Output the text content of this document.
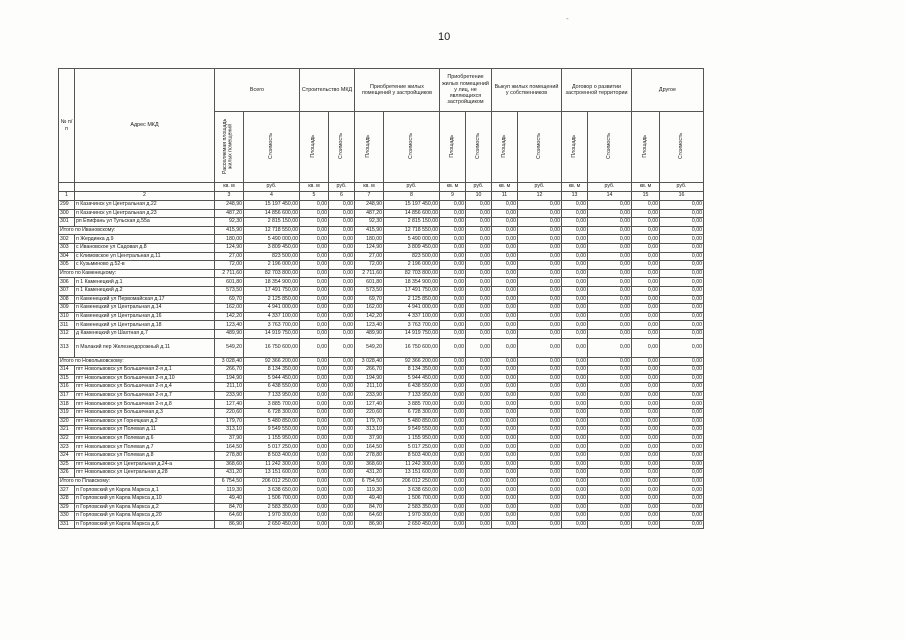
10
-
№ п/п	Адрес МКД	Всего		Строительство МКД		Приобретение жилых помещений у застройщиков		Приобретение жилых помещений у лиц, не являющихся застройщиком		Выкуп жилых помещений у собственников		Договор о развитии застроенной территории		Другое	
		Расселяемая площадь жилых помещений	Стоимость	Площадь	Стоимость	Площадь	Стоимость	Площадь	Стоимость	Площадь	Стоимость	Площадь	Стоимость	Площадь	Стоимость
		кв. м	руб.	кв. м	руб.	кв. м	руб.	кв. м	руб.	кв. м	руб.	кв. м	руб.	кв. м	руб.
1	2	3	4	5	6	7	8	9	10	11	12	13	14	15	16
299	п Казачинск ул Центральная д.22	248,90	15 197 450,00	0,00	0,00	248,90	15 197 450,00	0,00	0,00	0,00	0,00	0,00	0,00	0,00	0,00
300	п Казачинск ул Центральная д.23	487,20	14 856 600,00	0,00	0,00	487,20	14 856 600,00	0,00	0,00	0,00	0,00	0,00	0,00	0,00	0,00
301	рп Епифань ул Тульская д.55а	92,30	2 815 150,00	0,00	0,00	92,30	2 815 150,00	0,00	0,00	0,00	0,00	0,00	0,00	0,00	0,00
Итого по Ивановскому:		415,90	12 718 550,00	0,00	0,00	415,90	12 718 550,00	0,00	0,00	0,00	0,00	0,00	0,00	0,00	0,00
302	п Жердинка д.9	180,00	5 490 000,00	0,00	0,00	180,00	5 490 000,00	0,00	0,00	0,00	0,00	0,00	0,00	0,00	0,00
303	с Ивановское ул Садовая д.8	124,90	3 809 450,00	0,00	0,00	124,90	3 809 450,00	0,00	0,00	0,00	0,00	0,00	0,00	0,00	0,00
304	с Климовское ул Центральная д.11	27,00	823 500,00	0,00	0,00	27,00	823 500,00	0,00	0,00	0,00	0,00	0,00	0,00	0,00	0,00
305	с Кузьминово д.52-в	72,00	2 196 000,00	0,00	0,00	72,00	2 196 000,00	0,00	0,00	0,00	0,00	0,00	0,00	0,00	0,00
Итого по Каменецкому:		2 711,60	82 703 800,00	0,00	0,00	2 711,60	82 703 800,00	0,00	0,00	0,00	0,00	0,00	0,00	0,00	0,00
306	п 1 Каменецкий д.1	601,80	18 354 900,00	0,00	0,00	601,80	18 354 900,00	0,00	0,00	0,00	0,00	0,00	0,00	0,00	0,00
307	п 1 Каменецкий д.2	573,50	17 491 750,00	0,00	0,00	573,50	17 491 750,00	0,00	0,00	0,00	0,00	0,00	0,00	0,00	0,00
308	п Каменецкий ул Первомайская д.17	69,70	2 125 850,00	0,00	0,00	69,70	2 125 850,00	0,00	0,00	0,00	0,00	0,00	0,00	0,00	0,00
309	п Каменецкий ул Центральная д.14	162,00	4 941 000,00	0,00	0,00	162,00	4 941 000,00	0,00	0,00	0,00	0,00	0,00	0,00	0,00	0,00
310	п Каменецкий ул Центральная д.16	142,20	4 337 100,00	0,00	0,00	142,20	4 337 100,00	0,00	0,00	0,00	0,00	0,00	0,00	0,00	0,00
311	п Каменецкий ул Центральная д.18	123,40	3 763 700,00	0,00	0,00	123,40	3 763 700,00	0,00	0,00	0,00	0,00	0,00	0,00	0,00	0,00
312	д Каменецкий ул Шахтная д.7	489,90	14 919 750,00	0,00	0,00	489,90	14 919 750,00	0,00	0,00	0,00	0,00	0,00	0,00	0,00	0,00
313	п Малакий пер Железнодорожный д.11	549,20	16 750 600,00	0,00	0,00	549,20	16 750 600,00	0,00	0,00	0,00	0,00	0,00	0,00	0,00	0,00
Итого по Новольвовскому:		3 028,40	92 366 200,00	0,00	0,00	3 028,40	92 366 200,00	0,00	0,00	0,00	0,00	0,00	0,00	0,00	0,00
314	пгт Новольвовск ул Большичная 2-я д.1	266,70	8 134 350,00	0,00	0,00	266,70	8 134 350,00	0,00	0,00	0,00	0,00	0,00	0,00	0,00	0,00
315	пгт Новольвовск ул Большичная 2-я д.10	194,90	5 944 450,00	0,00	0,00	194,90	5 944 450,00	0,00	0,00	0,00	0,00	0,00	0,00	0,00	0,00
316	пгт Новольвовск ул Большичная 2-я д.4	211,10	6 438 550,00	0,00	0,00	211,10	6 438 550,00	0,00	0,00	0,00	0,00	0,00	0,00	0,00	0,00
317	пгт Новольвовск ул Большичная 2-я д.7	233,90	7 133 950,00	0,00	0,00	233,90	7 133 950,00	0,00	0,00	0,00	0,00	0,00	0,00	0,00	0,00
318	пгт Новольвовск ул Большичная 2-я д.8	127,40	3 885 700,00	0,00	0,00	127,40	3 885 700,00	0,00	0,00	0,00	0,00	0,00	0,00	0,00	0,00
319	пгт Новольвовск ул Большичная д.3	220,60	6 728 300,00	0,00	0,00	220,60	6 728 300,00	0,00	0,00	0,00	0,00	0,00	0,00	0,00	0,00
320	пгт Новольвовск ул Горняцкая д.2	179,70	5 480 850,00	0,00	0,00	179,70	5 480 850,00	0,00	0,00	0,00	0,00	0,00	0,00	0,00	0,00
321	пгт Новольвовск ул Полевая д.11	313,10	9 549 550,00	0,00	0,00	313,10	9 549 550,00	0,00	0,00	0,00	0,00	0,00	0,00	0,00	0,00
322	пгт Новольвовск ул Полевая д.6	37,90	1 155 950,00	0,00	0,00	37,90	1 155 950,00	0,00	0,00	0,00	0,00	0,00	0,00	0,00	0,00
323	пгт Новольвовск ул Полевая д.7	164,50	5 017 250,00	0,00	0,00	164,50	5 017 250,00	0,00	0,00	0,00	0,00	0,00	0,00	0,00	0,00
324	пгт Новольвовск ул Полевая д.8	278,80	8 503 400,00	0,00	0,00	278,80	8 503 400,00	0,00	0,00	0,00	0,00	0,00	0,00	0,00	0,00
325	пгт Новольвовск ул Центральная д.24-а	368,60	11 242 300,00	0,00	0,00	368,60	11 242 300,00	0,00	0,00	0,00	0,00	0,00	0,00	0,00	0,00
326	пгт Новольвовск ул Центральная д.28	431,20	13 151 600,00	0,00	0,00	431,20	13 151 600,00	0,00	0,00	0,00	0,00	0,00	0,00	0,00	0,00
Итого по Плавскому:		6 754,50	206 012 250,00	0,00	0,00	6 754,50	206 012 250,00	0,00	0,00	0,00	0,00	0,00	0,00	0,00	0,00
327	п Горловский ул Карла Маркса д.1	119,30	3 638 650,00	0,00	0,00	119,30	3 638 650,00	0,00	0,00	0,00	0,00	0,00	0,00	0,00	0,00
328	п Горловский ул Карла Маркса д.10	49,40	1 506 700,00	0,00	0,00	49,40	1 506 700,00	0,00	0,00	0,00	0,00	0,00	0,00	0,00	0,00
329	п Горловский ул Карла Маркса д.2	84,70	2 583 350,00	0,00	0,00	84,70	2 583 350,00	0,00	0,00	0,00	0,00	0,00	0,00	0,00	0,00
330	п Горловский ул Карла Маркса д.20	64,60	1 970 300,00	0,00	0,00	64,60	1 970 300,00	0,00	0,00	0,00	0,00	0,00	0,00	0,00	0,00
331	п Горловский ул Карла Маркса д.6	86,90	2 650 450,00	0,00	0,00	86,90	2 650 450,00	0,00	0,00	0,00	0,00	0,00	0,00	0,00	0,00
